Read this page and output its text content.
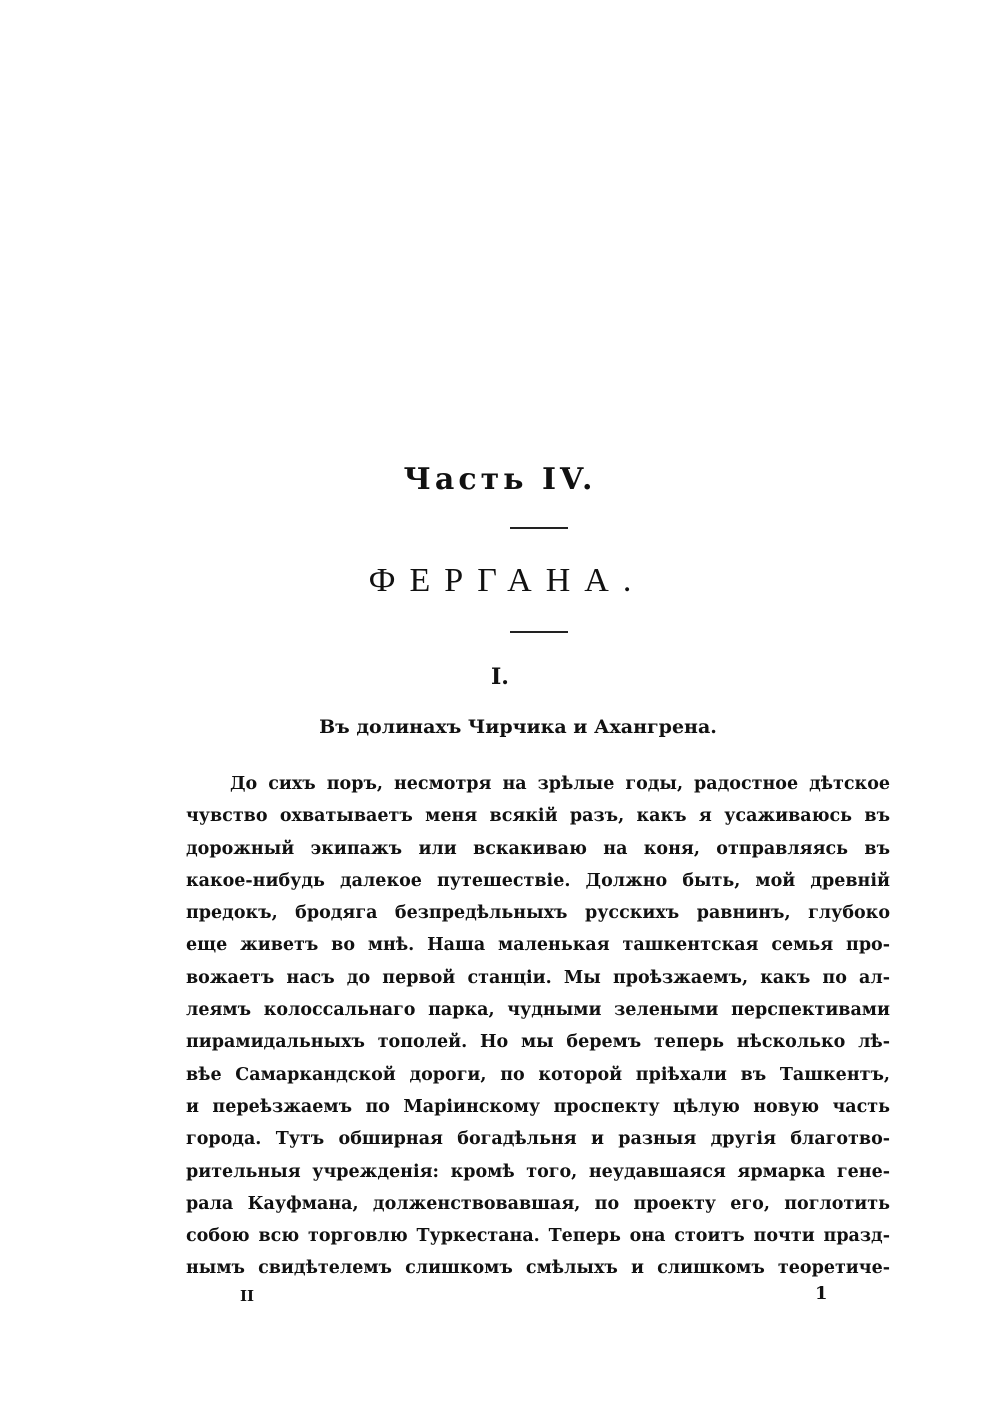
Часть IV.
ФЕРГАНА.
I.
Въ долинахъ Чирчика и Ахангрена.
До сихъ поръ, несмотря на зрѣлые годы, радостное дѣтское
чувство охватываетъ меня всякій разъ, какъ я усаживаюсь въ
дорожный экипажъ или вскакиваю на коня, отправляясь въ
какое-нибудь далекое путешествіе. Должно быть, мой древній
предокъ, бродяга безпредѣльныхъ русскихъ равнинъ, глубоко
еще живетъ во мнѣ. Наша маленькая ташкентская семья про-
вожаетъ насъ до первой станціи. Мы проѣзжаемъ, какъ по ал-
леямъ колоссальнаго парка, чудными зелеными перспективами
пирамидальныхъ тополей. Но мы беремъ теперь нѣсколько лѣ-
вѣе Самаркандской дороги, по которой пріѣхали въ Ташкентъ,
и переѣзжаемъ по Маріинскому проспекту цѣлую новую часть
города. Тутъ обширная богадѣльня и разныя другія благотво-
рительныя учрежденія: кромѣ того, неудавшаяся ярмарка гене-
рала Кауфмана, долженствовавшая, по проекту его, поглотить
собою всю торговлю Туркестана. Теперь она стоитъ почти празд-
нымъ свидѣтелемъ слишкомъ смѣлыхъ и слишкомъ теоретиче-
II	1
